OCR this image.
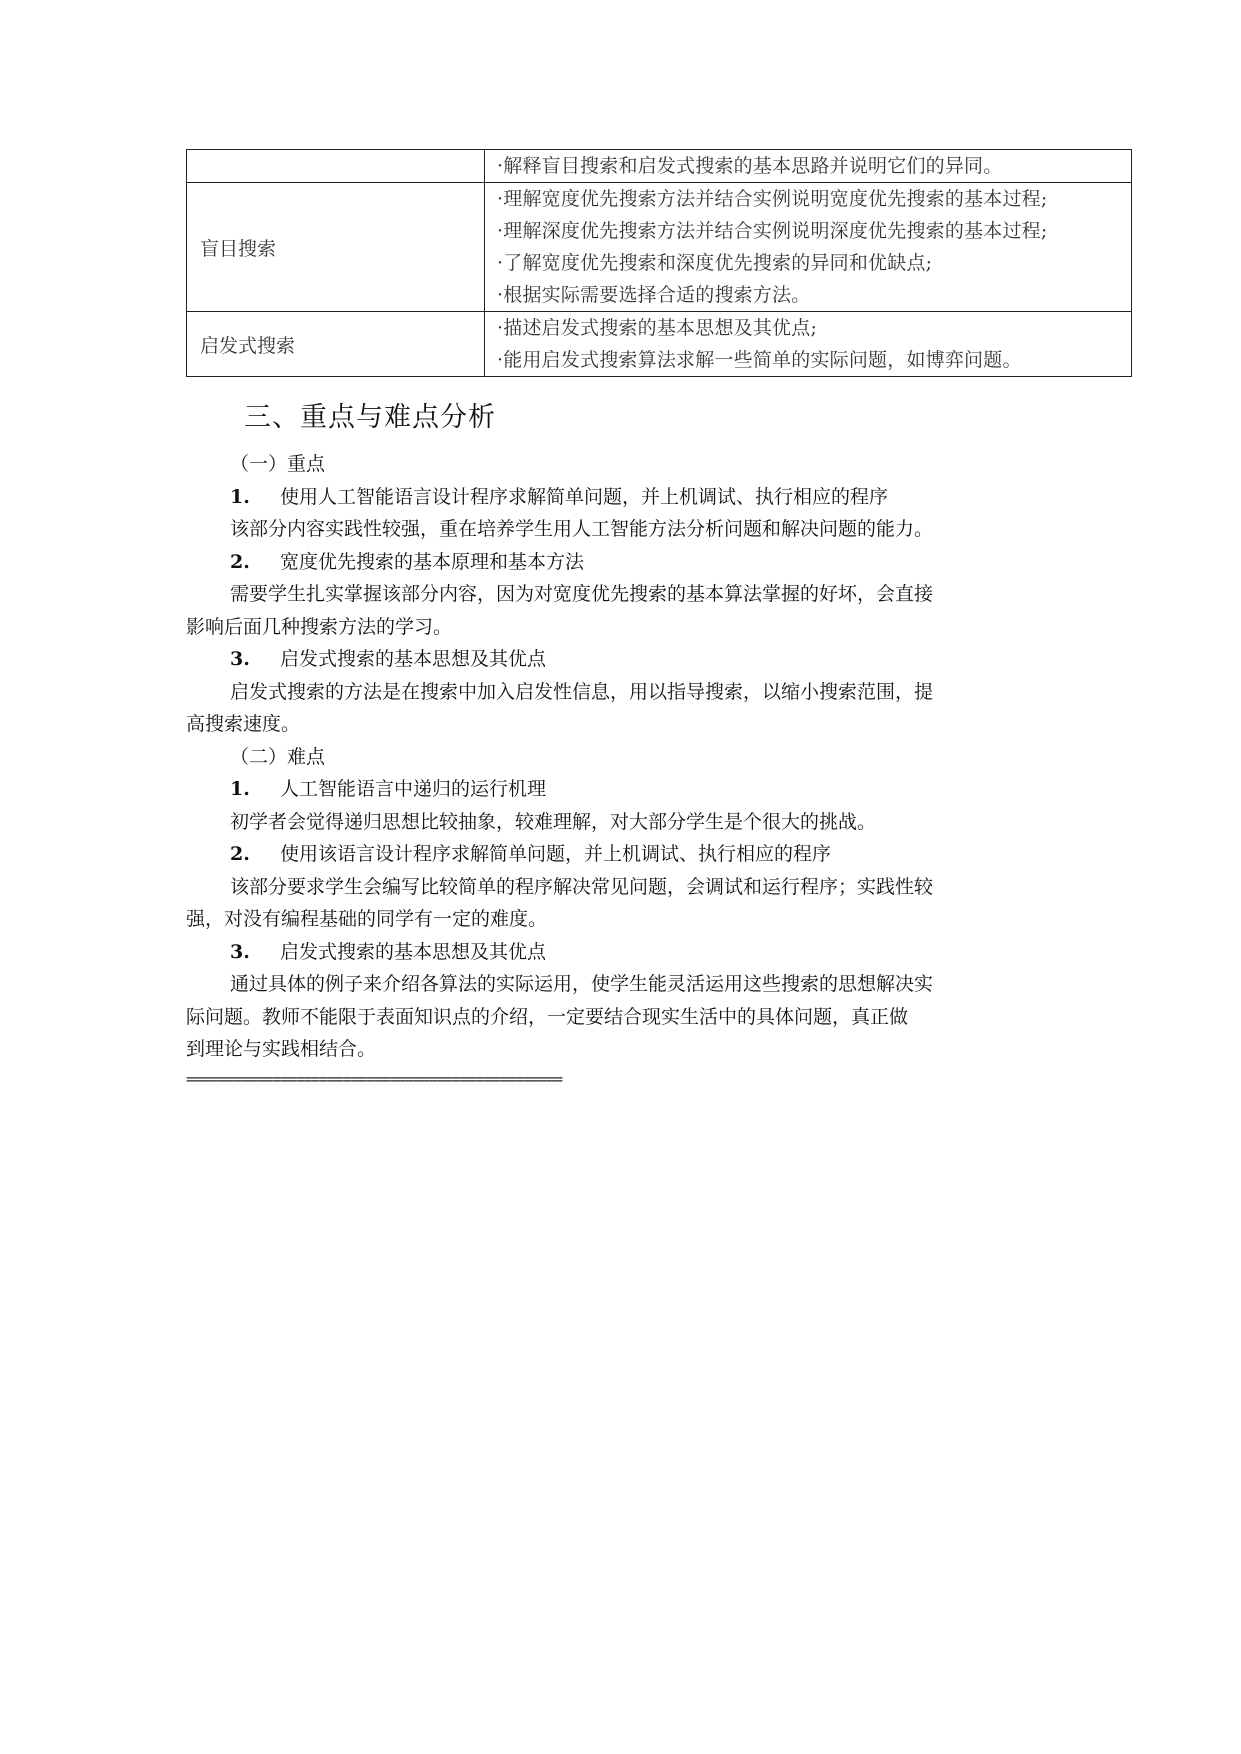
	·解释盲目搜索和启发式搜索的基本思路并说明它们的异同。

盲目搜索	·理解宽度优先搜索方法并结合实例说明宽度优先搜索的基本过程;
·理解深度优先搜索方法并结合实例说明深度优先搜索的基本过程;
·了解宽度优先搜索和深度优先搜索的异同和优缺点;
·根据实际需要选择合适的搜索方法。

启发式搜索	·描述启发式搜索的基本思想及其优点;
·能用启发式搜索算法求解一些简单的实际问题，如博弈问题。
三、重点与难点分析
（一）重点
1. 使用人工智能语言设计程序求解简单问题，并上机调试、执行相应的程序
该部分内容实践性较强，重在培养学生用人工智能方法分析问题和解决问题的能力。
2. 宽度优先搜索的基本原理和基本方法
需要学生扎实掌握该部分内容，因为对宽度优先搜索的基本算法掌握的好坏，会直接
影响后面几种搜索方法的学习。
3. 启发式搜索的基本思想及其优点
启发式搜索的方法是在搜索中加入启发性信息，用以指导搜索，以缩小搜索范围，提
高搜索速度。
（二）难点
1. 人工智能语言中递归的运行机理
初学者会觉得递归思想比较抽象，较难理解，对大部分学生是个很大的挑战。
2. 使用该语言设计程序求解简单问题，并上机调试、执行相应的程序
该部分要求学生会编写比较简单的程序解决常见问题，会调试和运行程序；实践性较
强，对没有编程基础的同学有一定的难度。
3. 启发式搜索的基本思想及其优点
通过具体的例子来介绍各算法的实际运用，使学生能灵活运用这些搜索的思想解决实
际问题。教师不能限于表面知识点的介绍，一定要结合现实生活中的具体问题，真正做
到理论与实践相结合。
================================================
